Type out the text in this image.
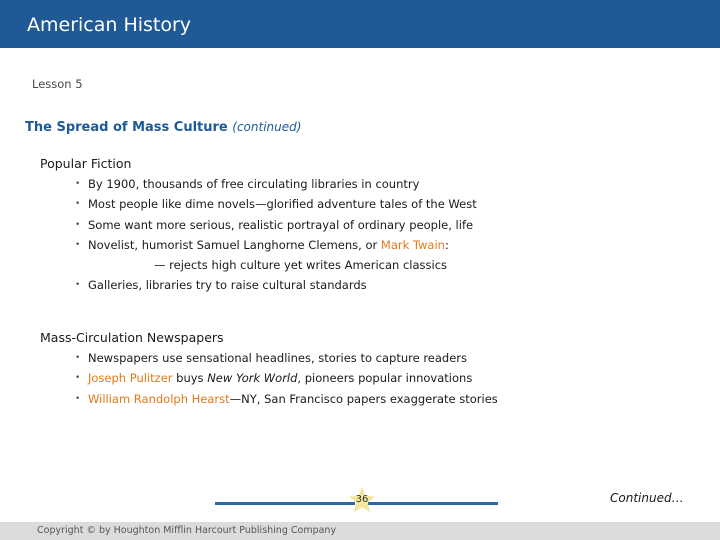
American History
Lesson 5
The Spread of Mass Culture (continued)
Popular Fiction
• By 1900, thousands of free circulating libraries in country
• Most people like dime novels—glorified adventure tales of the West
• Some want more serious, realistic portrayal of ordinary people, life
• Novelist, humorist Samuel Langhorne Clemens, or Mark Twain:
— rejects high culture yet writes American classics
• Galleries, libraries try to raise cultural standards
Mass-Circulation Newspapers
• Newspapers use sensational headlines, stories to capture readers
• Joseph Pulitzer buys New York World, pioneers popular innovations
• William Randolph Hearst—NY, San Francisco papers exaggerate stories
36	Continued…
Copyright © by Houghton Mifflin Harcourt Publishing Company
